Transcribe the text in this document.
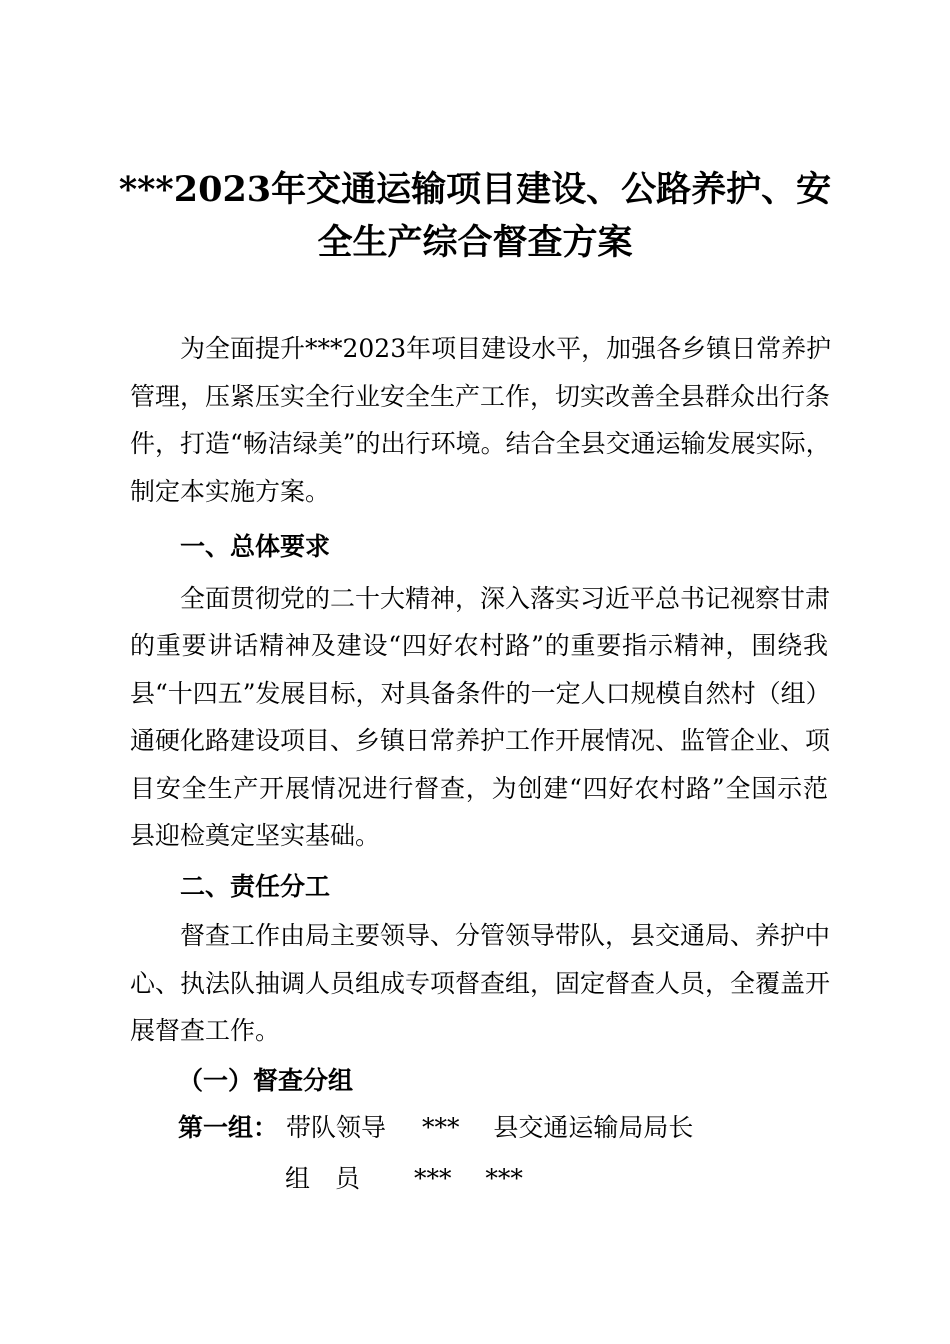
***2023年交通运输项目建设、公路养护、安
全生产综合督查方案
为全面提升***2023年项目建设水平，加强各乡镇日常养护
管理，压紧压实全行业安全生产工作，切实改善全县群众出行条
件，打造“畅洁绿美”的出行环境。结合全县交通运输发展实际，
制定本实施方案。
一、总体要求
全面贯彻党的二十大精神，深入落实习近平总书记视察甘肃
的重要讲话精神及建设“四好农村路”的重要指示精神，围绕我
县“十四五”发展目标，对具备条件的一定人口规模自然村（组）
通硬化路建设项目、乡镇日常养护工作开展情况、监管企业、项
目安全生产开展情况进行督查，为创建“四好农村路”全国示范
县迎检奠定坚实基础。
二、责任分工
督查工作由局主要领导、分管领导带队，县交通局、养护中
心、执法队抽调人员组成专项督查组，固定督查人员，全覆盖开
展督查工作。
（一）督查分组
第一组： 带队领导 *** 县交通运输局局长
组　员 *** ***
